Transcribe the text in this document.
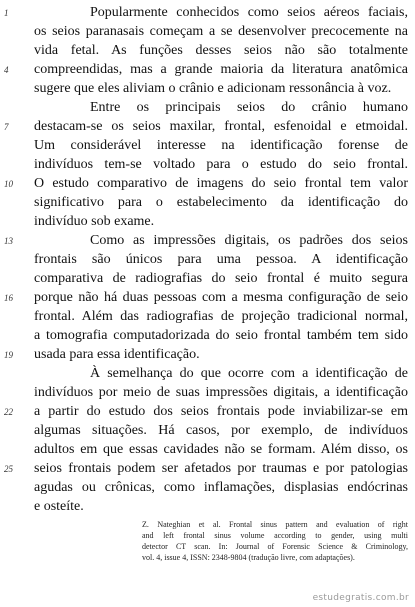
1	Popularmente conhecidos como seios aéreos faciais,
os seios paranasais começam a se desenvolver precocemente na
vida fetal. As funções desses seios não são totalmente
4	compreendidas, mas a grande maioria da literatura anatômica
sugere que eles aliviam o crânio e adicionam ressonância à voz.
Entre os principais seios do crânio humano
7	destacam-se os seios maxilar, frontal, esfenoidal e etmoidal.
Um considerável interesse na identificação forense de
indivíduos tem-se voltado para o estudo do seio frontal.
10	O estudo comparativo de imagens do seio frontal tem valor
significativo para o estabelecimento da identificação do
indivíduo sob exame.
13	Como as impressões digitais, os padrões dos seios
frontais são únicos para uma pessoa. A identificação
comparativa de radiografias do seio frontal é muito segura
16	porque não há duas pessoas com a mesma configuração de seio
frontal. Além das radiografias de projeção tradicional normal,
a tomografia computadorizada do seio frontal também tem sido
19	usada para essa identificação.
À semelhança do que ocorre com a identificação de
indivíduos por meio de suas impressões digitais, a identificação
22	a partir do estudo dos seios frontais pode inviabilizar-se em
algumas situações. Há casos, por exemplo, de indivíduos
adultos em que essas cavidades não se formam. Além disso, os
25	seios frontais podem ser afetados por traumas e por patologias
agudas ou crônicas, como inflamações, displasias endócrinas
e osteíte.
Z. Nateghian et al. Frontal sinus pattern and evaluation of right
and left frontal sinus volume according to gender, using multi
detector CT scan. In: Journal of Forensic Science & Criminology,
vol. 4, issue 4, ISSN: 2348-9804 (tradução livre, com adaptações).
estudegratis.com.br
